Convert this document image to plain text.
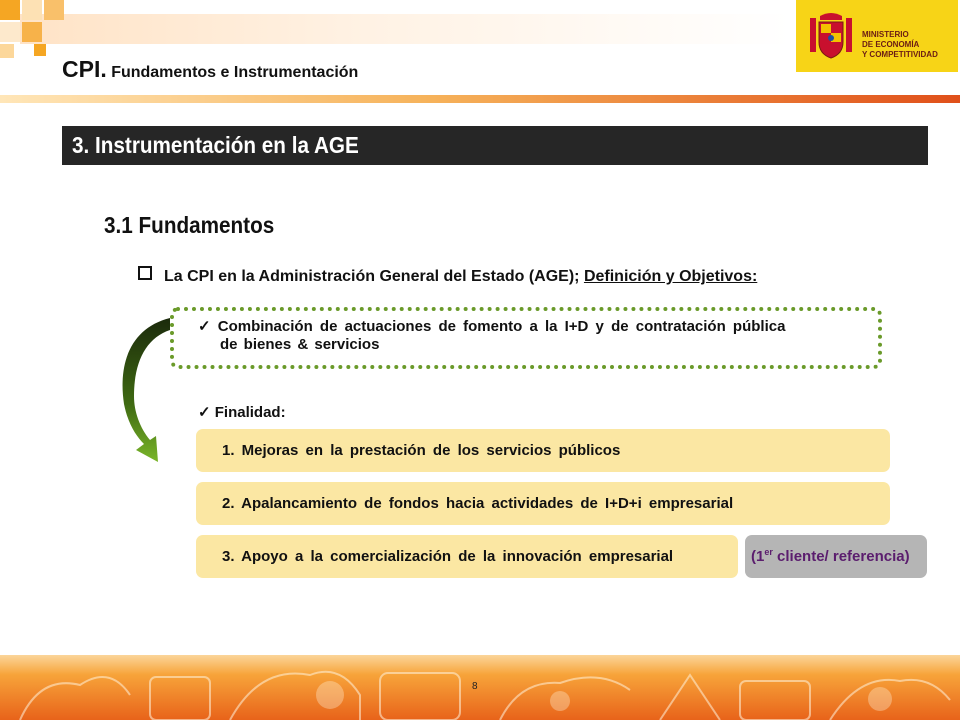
CPI. Fundamentos e Instrumentación
MINISTERIO
DE ECONOMÍA
Y COMPETITIVIDAD
3. Instrumentación en la AGE
3.1 Fundamentos
La CPI en la Administración General del Estado (AGE); Definición y Objetivos:
✓ Combinación de actuaciones de fomento a la I+D y de contratación pública
de bienes & servicios
✓ Finalidad:
1. Mejoras en la prestación de los servicios públicos
2. Apalancamiento de fondos hacia actividades de I+D+i empresarial
3. Apoyo a la comercialización de la innovación empresarial	(1er cliente/ referencia)
8
